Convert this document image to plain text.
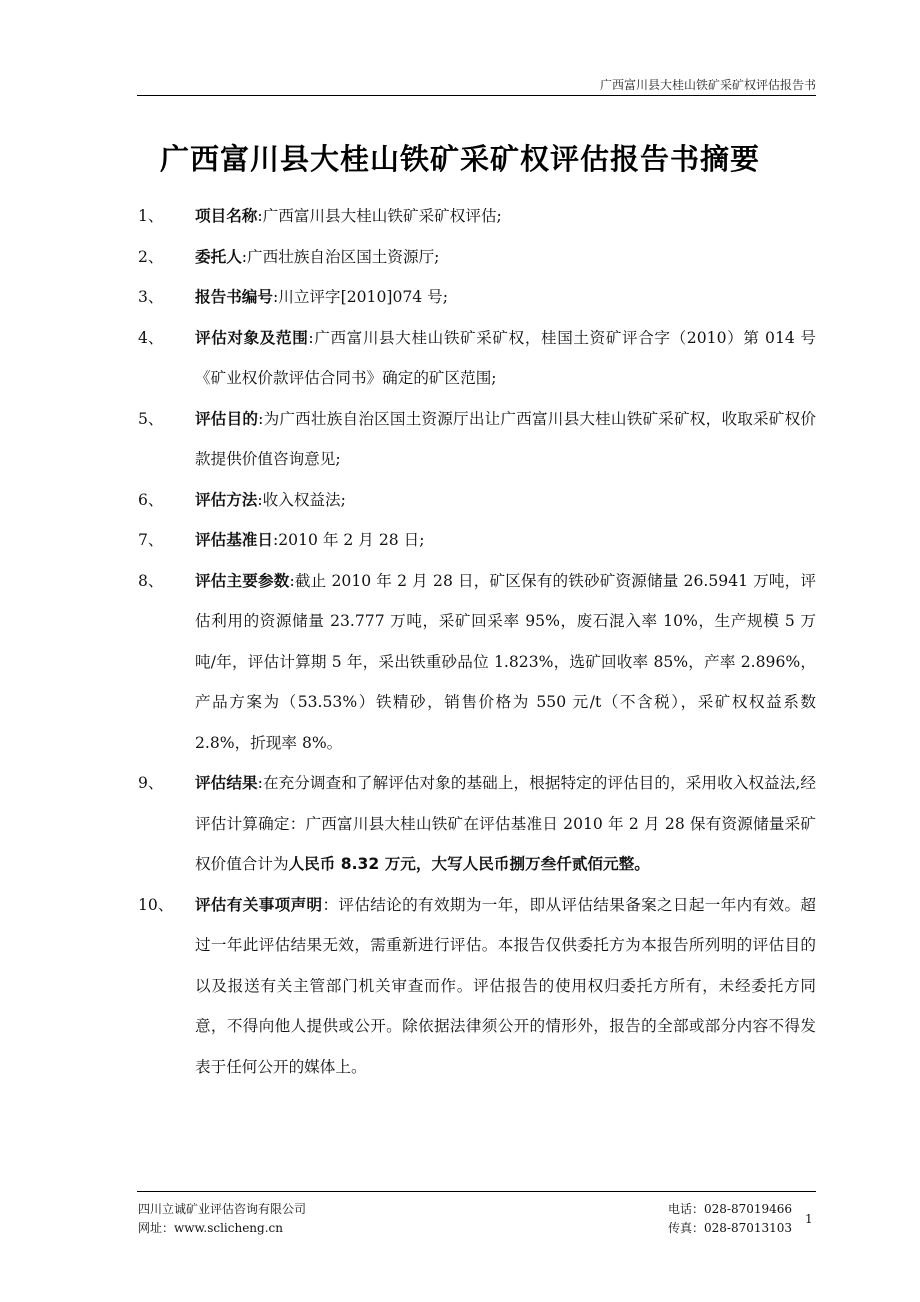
广西富川县大桂山铁矿采矿权评估报告书
广西富川县大桂山铁矿采矿权评估报告书摘要
1、	项目名称:广西富川县大桂山铁矿采矿权评估;
2、	委托人:广西壮族自治区国土资源厅;
3、	报告书编号:川立评字[2010]074 号;
4、	评估对象及范围:广西富川县大桂山铁矿采矿权，桂国土资矿评合字（2010）第 014 号《矿业权价款评估合同书》确定的矿区范围;
5、	评估目的:为广西壮族自治区国土资源厅出让广西富川县大桂山铁矿采矿权，收取采矿权价款提供价值咨询意见;
6、	评估方法:收入权益法;
7、	评估基准日:2010 年 2 月 28 日;
8、	评估主要参数:截止 2010 年 2 月 28 日，矿区保有的铁砂矿资源储量 26.5941 万吨，评估利用的资源储量 23.777 万吨，采矿回采率 95%，废石混入率 10%，生产规模 5 万吨/年，评估计算期 5 年，采出铁重砂品位 1.823%，选矿回收率 85%，产率 2.896%，产品方案为（53.53%）铁精砂，销售价格为 550 元/t（不含税），采矿权权益系数 2.8%，折现率 8%。
9、	评估结果:在充分调查和了解评估对象的基础上，根据特定的评估目的，采用收入权益法,经评估计算确定：广西富川县大桂山铁矿在评估基准日 2010 年 2 月 28 保有资源储量采矿权价值合计为人民币 8.32 万元，大写人民币捌万叁仟贰佰元整。
10、	评估有关事项声明：评估结论的有效期为一年，即从评估结果备案之日起一年内有效。超过一年此评估结果无效，需重新进行评估。本报告仅供委托方为本报告所列明的评估目的以及报送有关主管部门机关审查而作。评估报告的使用权归委托方所有，未经委托方同意，不得向他人提供或公开。除依据法律须公开的情形外，报告的全部或部分内容不得发表于任何公开的媒体上。
四川立诚矿业评估咨询有限公司
网址：www.sclicheng.cn
电话：028-87019466
传真：028-87013103
1
